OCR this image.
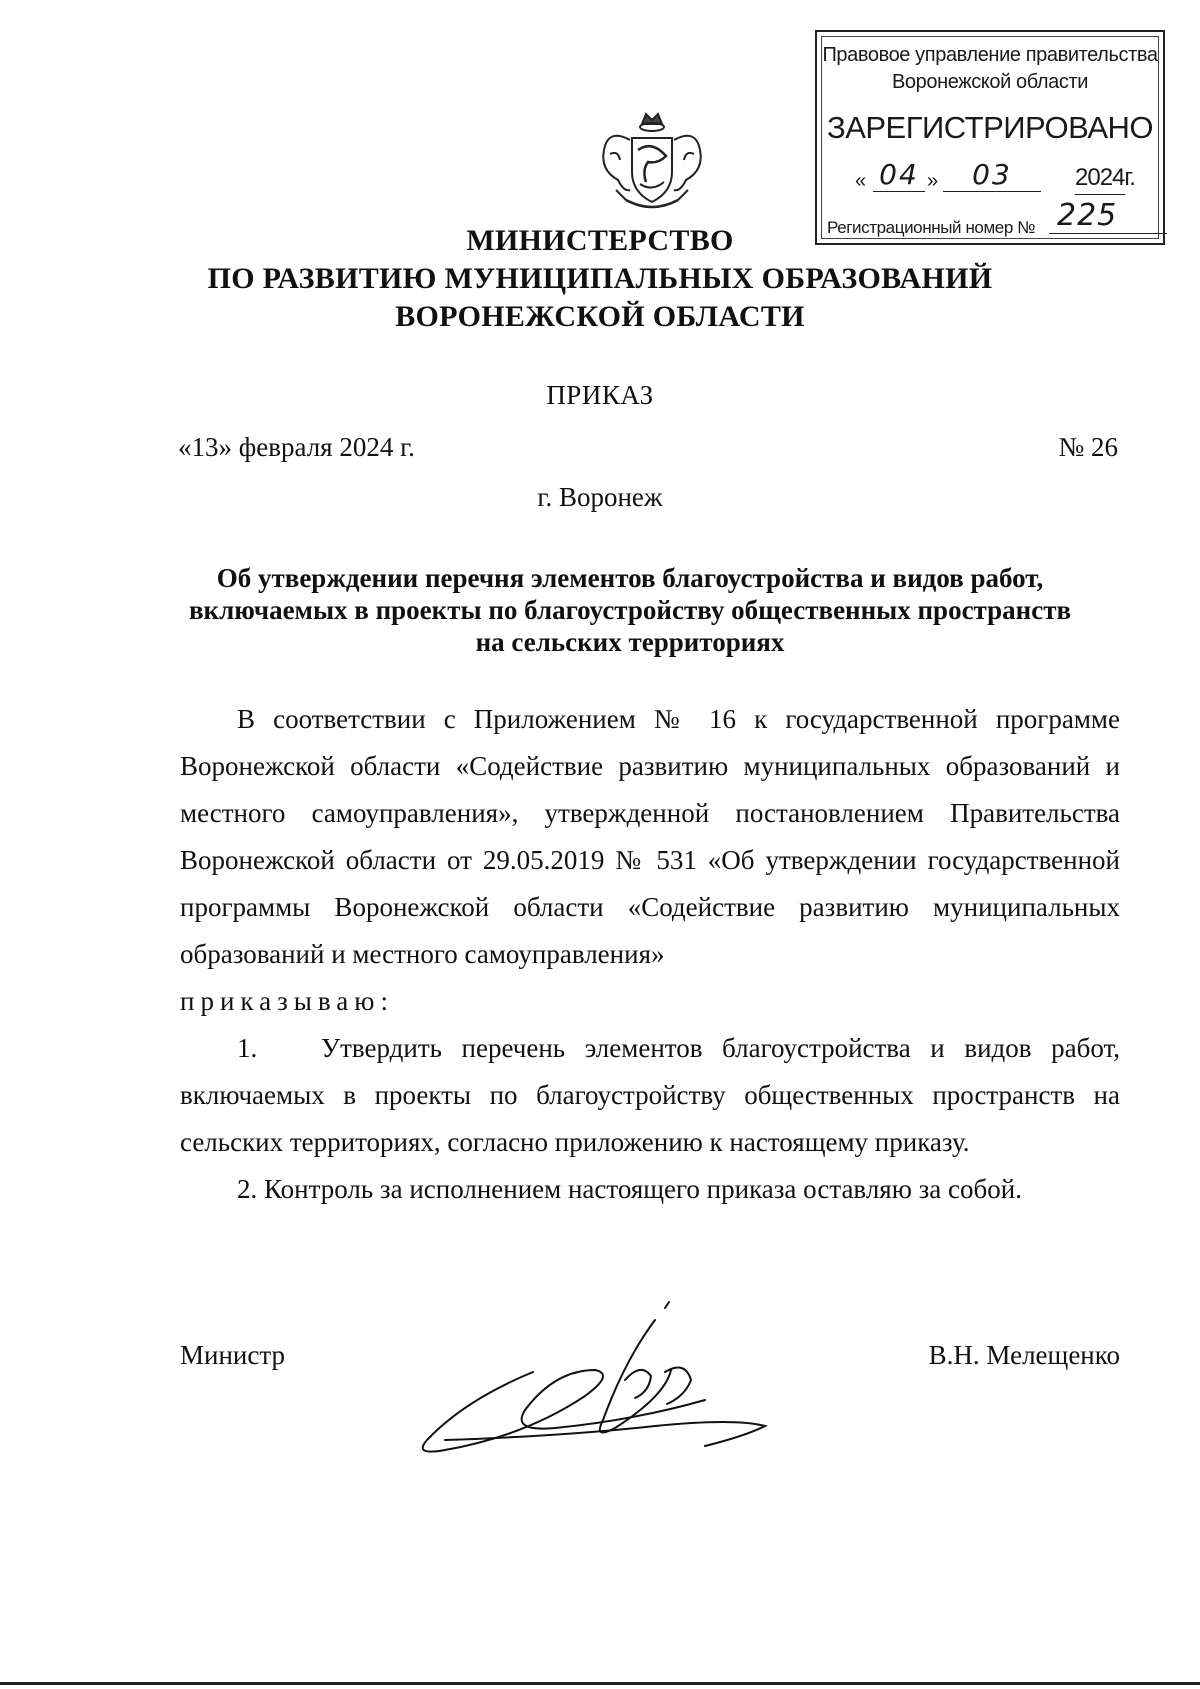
Правовое управление правительства
Воронежской области
ЗАРЕГИСТРИРОВАНО
« 04 »	03	2024г.
Регистрационный номер № 225
МИНИСТЕРСТВО
ПО РАЗВИТИЮ МУНИЦИПАЛЬНЫХ ОБРАЗОВАНИЙ
ВОРОНЕЖСКОЙ ОБЛАСТИ
ПРИКАЗ
«13» февраля 2024 г.	№ 26
г. Воронеж
Об утверждении перечня элементов благоустройства и видов работ,
включаемых в проекты по благоустройству общественных пространств
на сельских территориях

В соответствии с Приложением № 16 к государственной программе Воронежской области «Содействие развитию муниципальных образований и местного самоуправления», утвержденной постановлением Правительства Воронежской области от 29.05.2019 № 531 «Об утверждении государственной программы Воронежской области «Содействие развитию муниципальных образований и местного самоуправления»

приказываю:

1. Утвердить перечень элементов благоустройства и видов работ, включаемых в проекты по благоустройству общественных пространств на сельских территориях, согласно приложению к настоящему приказу.

2. Контроль за исполнением настоящего приказа оставляю за собой.

Министр	В.Н. Мелещенко
